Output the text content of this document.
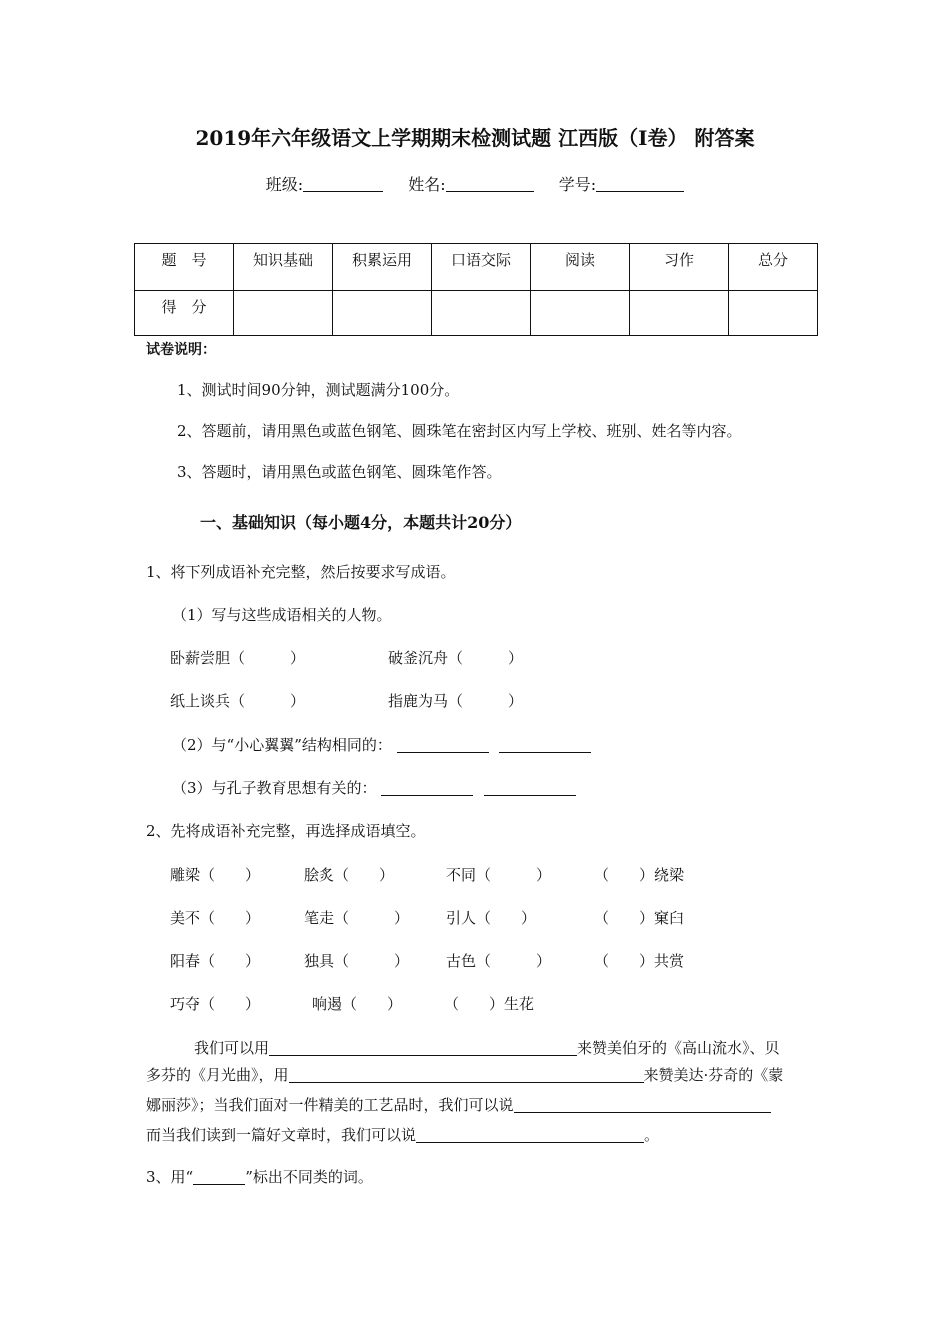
2019年六年级语文上学期期末检测试题 江西版（I卷） 附答案
班级:	姓名:	学号:
题　号	知识基础	积累运用	口语交际	阅读	习作	总分
得　分						
试卷说明：
1、测试时间90分钟，测试题满分100分。
2、答题前，请用黑色或蓝色钢笔、圆珠笔在密封区内写上学校、班别、姓名等内容。
3、答题时，请用黑色或蓝色钢笔、圆珠笔作答。
一、基础知识（每小题4分，本题共计20分）
1、将下列成语补充完整，然后按要求写成语。
（1）写与这些成语相关的人物。
卧薪尝胆（　　　）	破釜沉舟（　　　）
纸上谈兵（　　　）	指鹿为马（　　　）
（2）与“小心翼翼”结构相同的：
（3）与孔子教育思想有关的：
2、先将成语补充完整，再选择成语填空。
雕梁（　　）	脍炙（　　）	不同（　　　）	（　　）绕梁
美不（　　）	笔走（　　　） 引人（　　）	（　　）窠臼
阳春（　　）	独具（　　　） 古色（　　　）	（　　）共赏
巧夺（　　）	响遏（　　）	（　　）生花
我们可以用	来赞美伯牙的《高山流水》、贝
多芬的《月光曲》，用	来赞美达·芬奇的《蒙
娜丽莎》；当我们面对一件精美的工艺品时，我们可以说
而当我们读到一篇好文章时，我们可以说	。
3、用“	”标出不同类的词。
